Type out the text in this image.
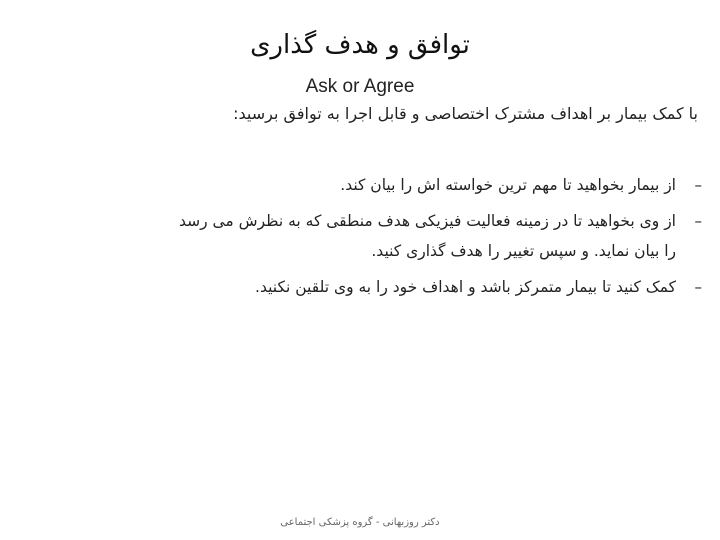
توافق و هدف گذاری
Ask or Agree
با کمک بیمار بر اهداف مشترک اختصاصی و قابل اجرا به توافق برسید:
–
از بیمار بخواهید تا مهم ترین خواسته اش را بیان کند.
–
از وی بخواهید تا در زمینه فعالیت فیزیکی هدف منطقی که به نظرش می رسد
را بیان نماید. و سپس تغییر را هدف گذاری کنید.
–
کمک کنید تا بیمار متمرکز باشد و اهداف خود را به وی تلقین نکنید.
دکتر روزبهانی - گروه پزشکی اجتماعی
